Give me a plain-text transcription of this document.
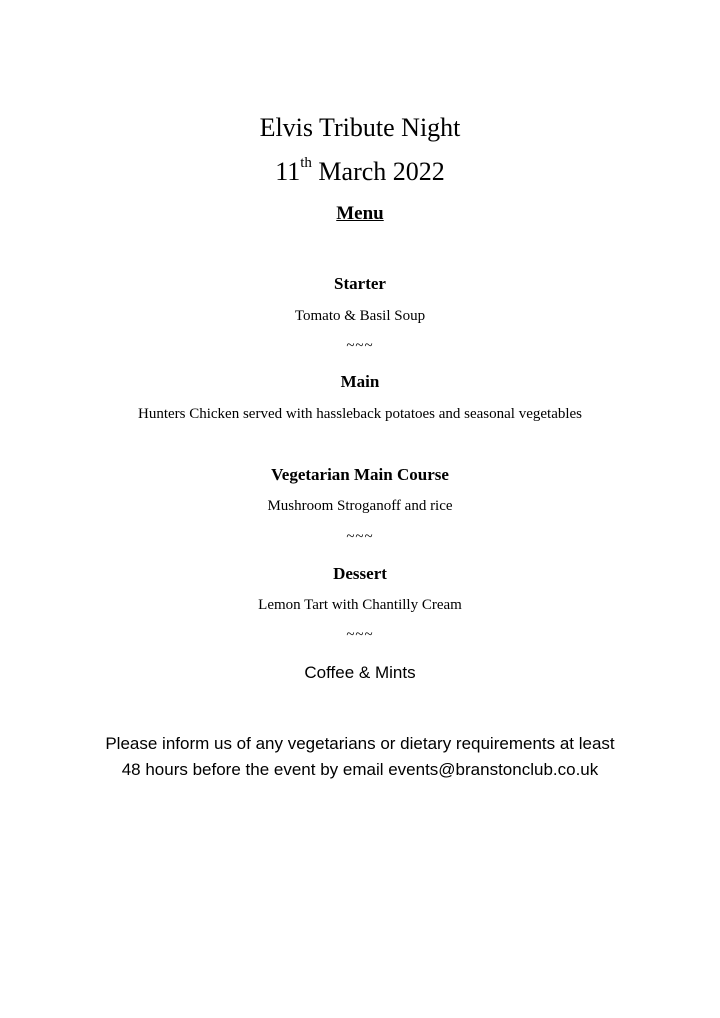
Elvis Tribute Night
11th March 2022
Menu
Starter
Tomato & Basil Soup
~~~
Main
Hunters Chicken served with hassleback potatoes and seasonal vegetables
Vegetarian Main Course
Mushroom Stroganoff and rice
~~~
Dessert
Lemon Tart with Chantilly Cream
~~~
Coffee & Mints
Please inform us of any vegetarians or dietary requirements at least
48 hours before the event by email events@branstonclub.co.uk
